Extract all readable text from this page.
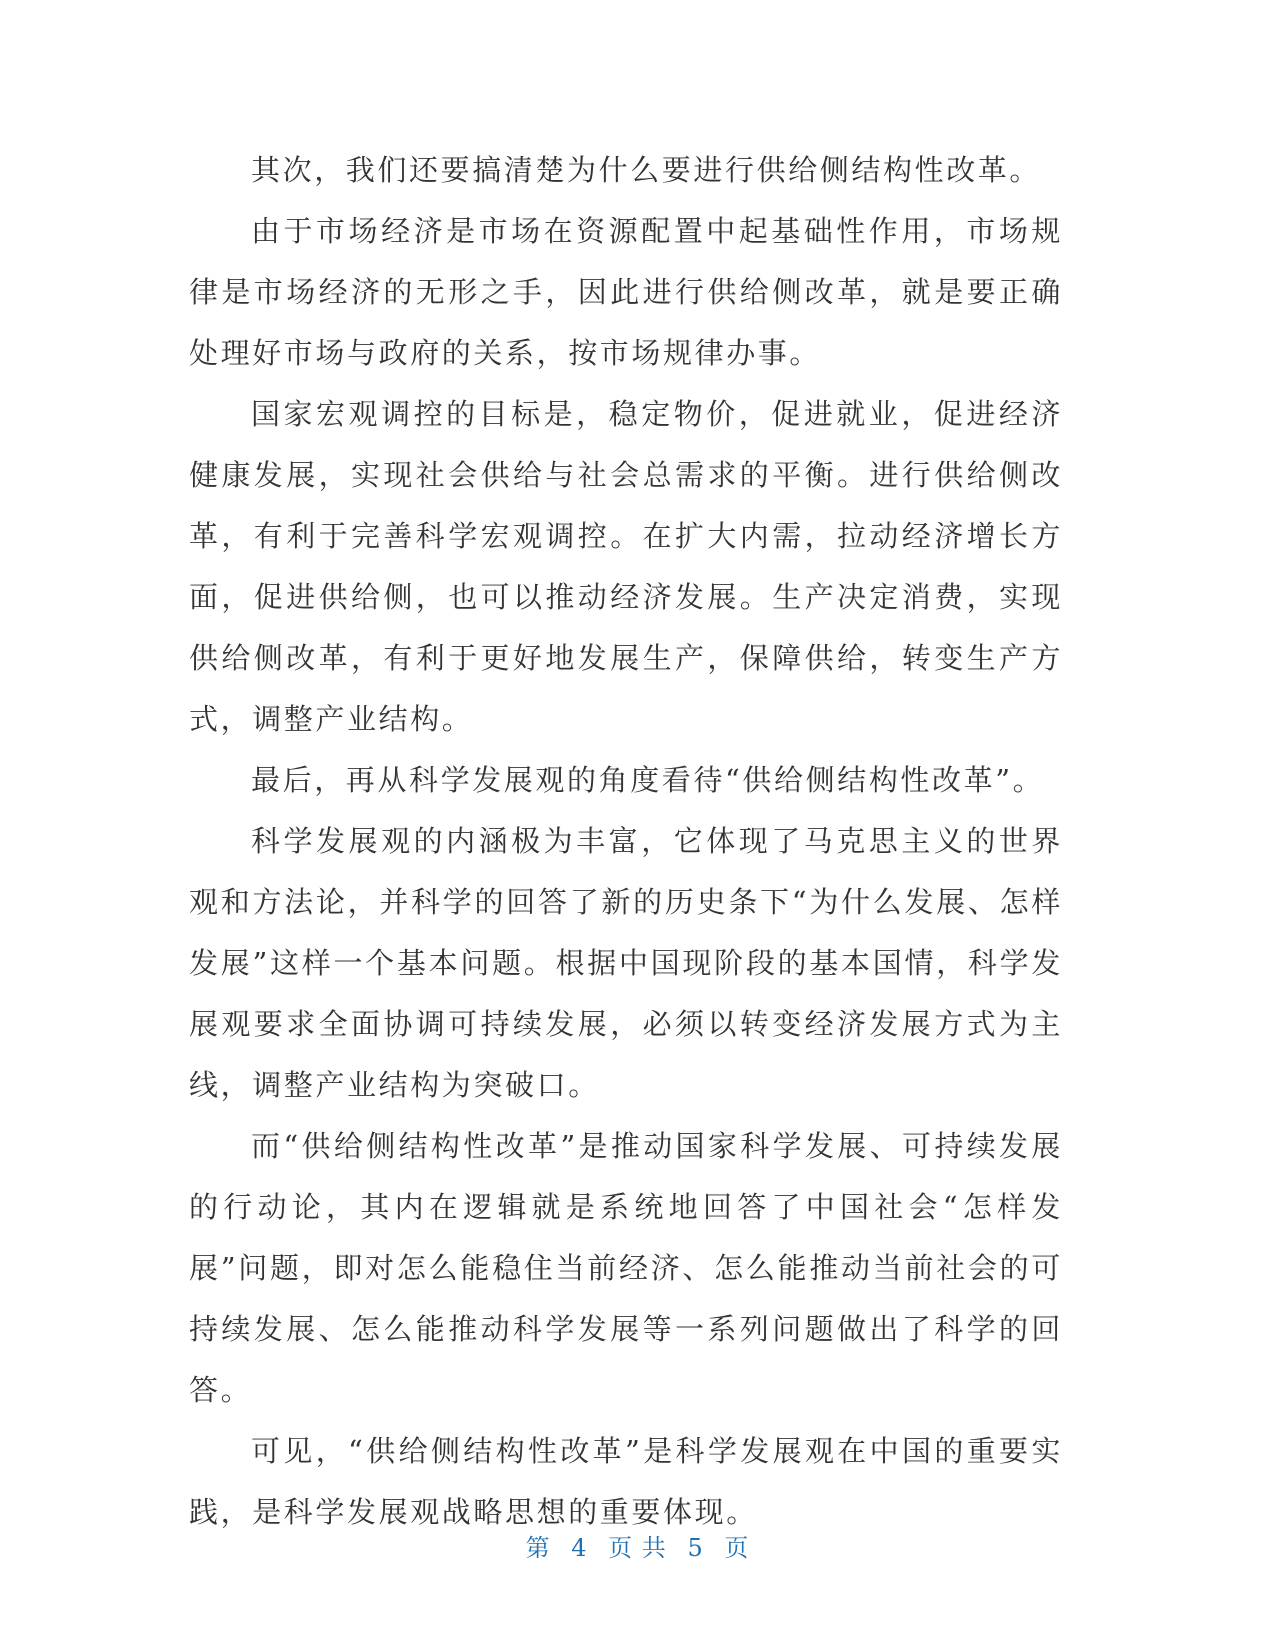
其次，我们还要搞清楚为什么要进行供给侧结构性改革。

由于市场经济是市场在资源配置中起基础性作用，市场规律是市场经济的无形之手，因此进行供给侧改革，就是要正确处理好市场与政府的关系，按市场规律办事。

国家宏观调控的目标是，稳定物价，促进就业，促进经济健康发展，实现社会供给与社会总需求的平衡。进行供给侧改革，有利于完善科学宏观调控。在扩大内需，拉动经济增长方面，促进供给侧，也可以推动经济发展。生产决定消费，实现供给侧改革，有利于更好地发展生产，保障供给，转变生产方式，调整产业结构。

最后，再从科学发展观的角度看待“供给侧结构性改革”。

科学发展观的内涵极为丰富，它体现了马克思主义的世界观和方法论，并科学的回答了新的历史条下“为什么发展、怎样发展”这样一个基本问题。根据中国现阶段的基本国情，科学发展观要求全面协调可持续发展，必须以转变经济发展方式为主线，调整产业结构为突破口。

而“供给侧结构性改革”是推动国家科学发展、可持续发展的行动论，其内在逻辑就是系统地回答了中国社会“怎样发展”问题，即对怎么能稳住当前经济、怎么能推动当前社会的可持续发展、怎么能推动科学发展等一系列问题做出了科学的回答。

可见，“供给侧结构性改革”是科学发展观在中国的重要实践，是科学发展观战略思想的重要体现。

第 4 页 共 5 页
